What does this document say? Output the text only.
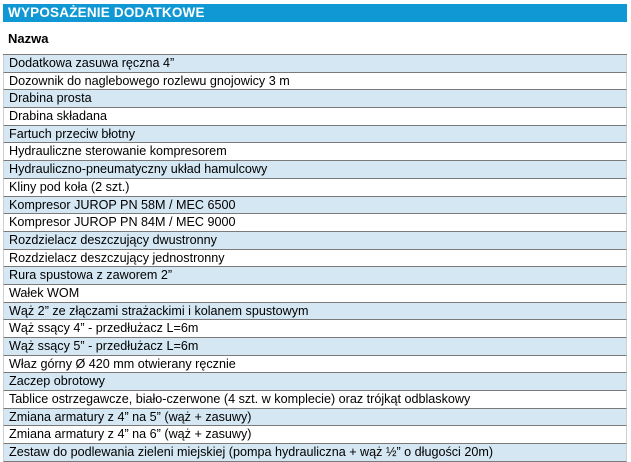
WYPOSAŻENIE DODATKOWE
Nazwa
Dodatkowa zasuwa ręczna 4”
Dozownik do naglebowego rozlewu gnojowicy 3 m
Drabina prosta
Drabina składana
Fartuch przeciw błotny
Hydrauliczne sterowanie kompresorem
Hydrauliczno-pneumatyczny układ hamulcowy
Kliny pod koła (2 szt.)
Kompresor JUROP PN 58M / MEC 6500
Kompresor JUROP PN 84M / MEC 9000
Rozdzielacz deszczujący dwustronny
Rozdzielacz deszczujący jednostronny
Rura spustowa z zaworem 2”
Wałek WOM
Wąż 2” ze złączami strażackimi i kolanem spustowym
Wąż ssący 4” - przedłużacz L=6m
Wąż ssący 5” - przedłużacz L=6m
Właz górny Ø 420 mm otwierany ręcznie
Zaczep obrotowy
Tablice ostrzegawcze, biało-czerwone (4 szt. w komplecie) oraz trójkąt odblaskowy
Zmiana armatury z 4” na 5” (wąż + zasuwy)
Zmiana armatury z 4” na 6” (wąż + zasuwy)
Zestaw do podlewania zieleni miejskiej (pompa hydrauliczna + wąż ½” o długości 20m)
